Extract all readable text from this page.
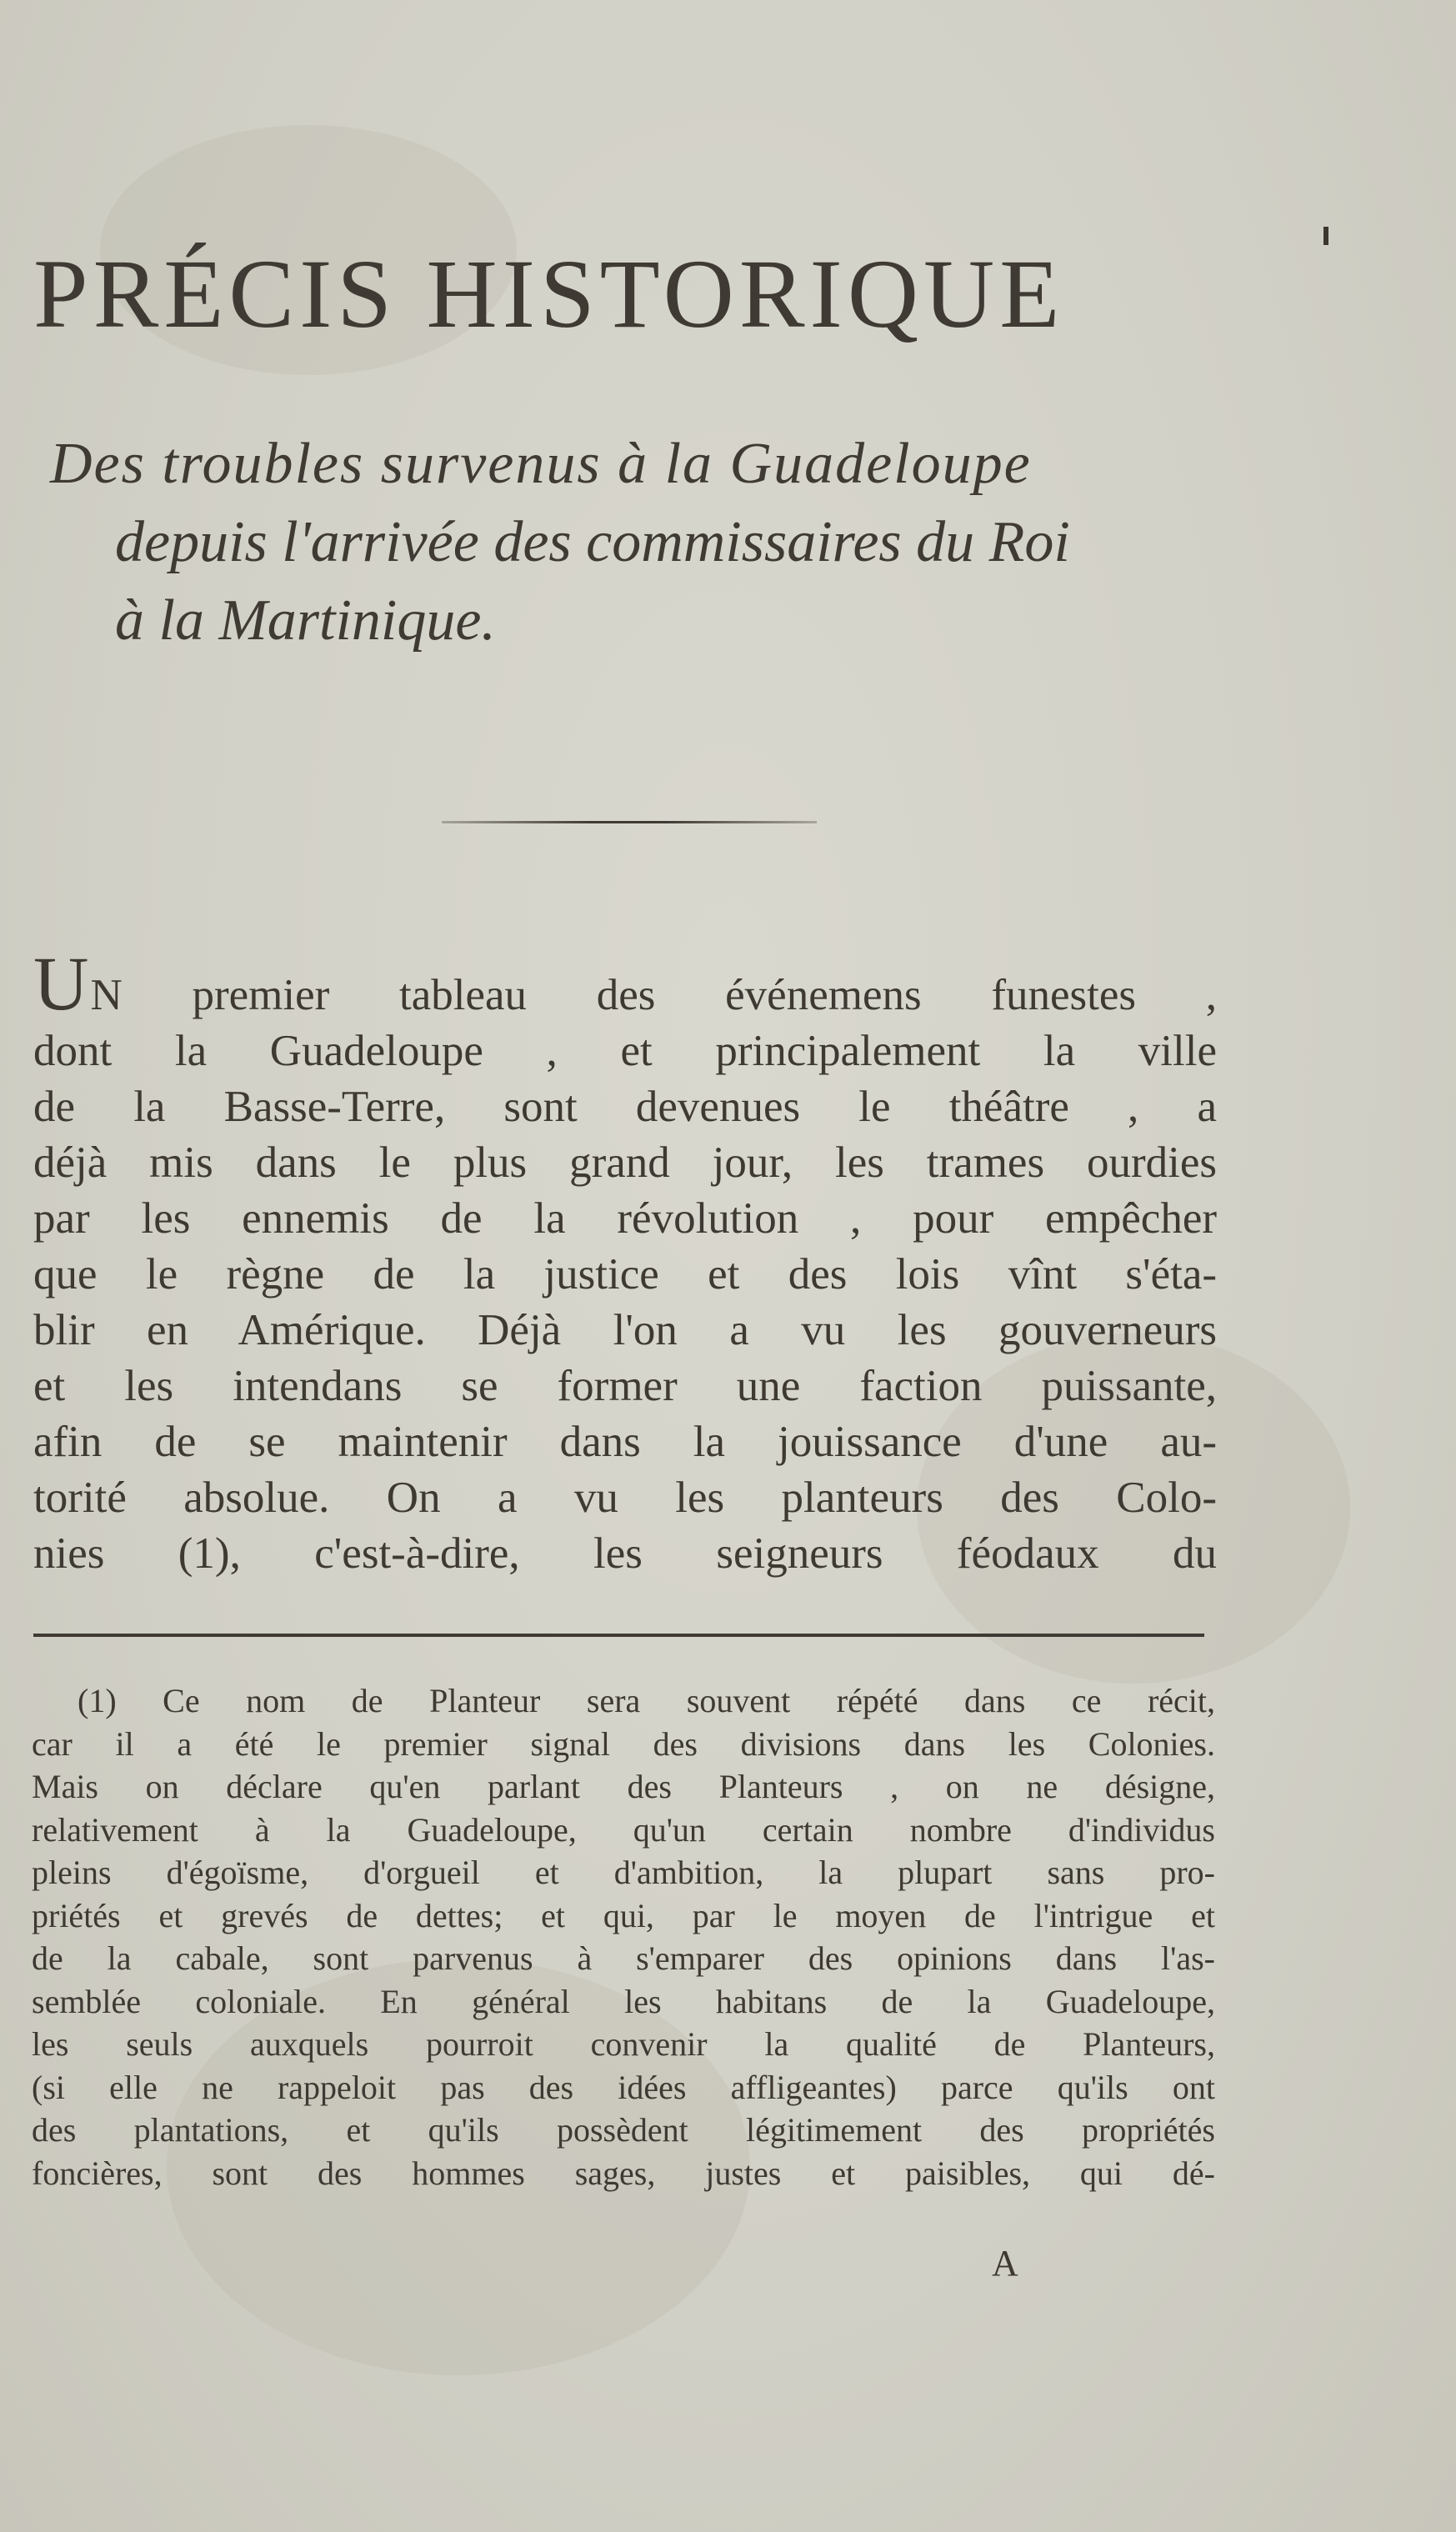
PRÉCIS HISTORIQUE
Des troubles survenus à la Guadeloupe
depuis l'arrivée des commissaires du Roi
à la Martinique.
UN premier tableau des événemens funestes ,
dont la Guadeloupe , et principalement la ville
de la Basse-Terre, sont devenues le théâtre , a
déjà mis dans le plus grand jour, les trames ourdies
par les ennemis de la révolution , pour empêcher
que le règne de la justice et des lois vînt s'éta-
blir en Amérique. Déjà l'on a vu les gouverneurs
et les intendans se former une faction puissante,
afin de se maintenir dans la jouissance d'une au-
torité absolue. On a vu les planteurs des Colo-
nies (1), c'est-à-dire, les seigneurs féodaux du
(1) Ce nom de Planteur sera souvent répété dans ce récit,
car il a été le premier signal des divisions dans les Colonies.
Mais on déclare qu'en parlant des Planteurs , on ne désigne,
relativement à la Guadeloupe, qu'un certain nombre d'individus
pleins d'égoïsme, d'orgueil et d'ambition, la plupart sans pro-
priétés et grevés de dettes; et qui, par le moyen de l'intrigue et
de la cabale, sont parvenus à s'emparer des opinions dans l'as-
semblée coloniale. En général les habitans de la Guadeloupe,
les seuls auxquels pourroit convenir la qualité de Planteurs,
(si elle ne rappeloit pas des idées affligeantes) parce qu'ils ont
des plantations, et qu'ils possèdent légitimement des propriétés
foncières, sont des hommes sages, justes et paisibles, qui dé-
A
